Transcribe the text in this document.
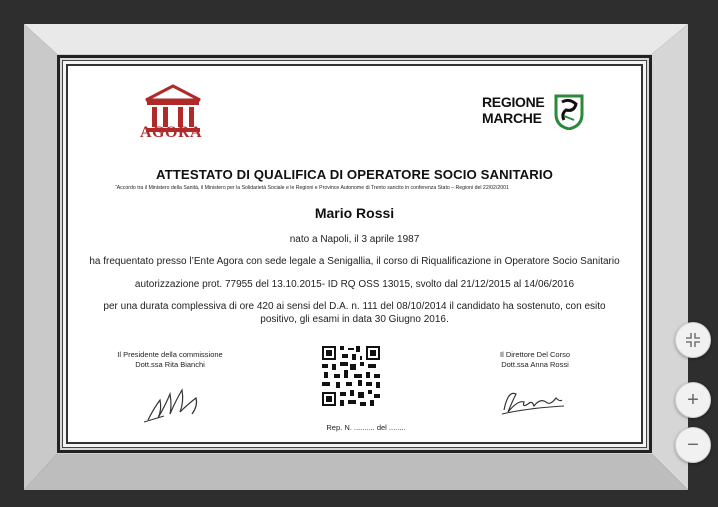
AGORA
REGIONE
MARCHE
ATTESTATO DI QUALIFICA DI OPERATORE SOCIO SANITARIO
“Accordo tra il Ministero della Sanità, il Ministero per la Solidarietà Sociale e le Regioni e Province Autonome di Trento sancito in conferenza Stato – Regioni del 22/02/2001
Mario Rossi
nato a Napoli, il 3 aprile 1987
ha frequentato presso l’Ente Agora con sede legale a Senigallia, il corso di Riqualificazione in Operatore Socio Sanitario
autorizzazione prot. 77955 del 13.10.2015- ID RQ OSS 13015, svolto dal 21/12/2015 al 14/06/2016
per una durata complessiva di ore 420 ai sensi del D.A. n. 111 del 08/10/2014 il candidato ha sostenuto, con esito
positivo, gli esami in data 30 Giugno 2016.
Il Presidente della commissione
Dott.ssa Rita Bianchi
Il Direttore Del Corso
Dott.ssa Anna Rossi
Rep. N. .......... del ........
+
−
